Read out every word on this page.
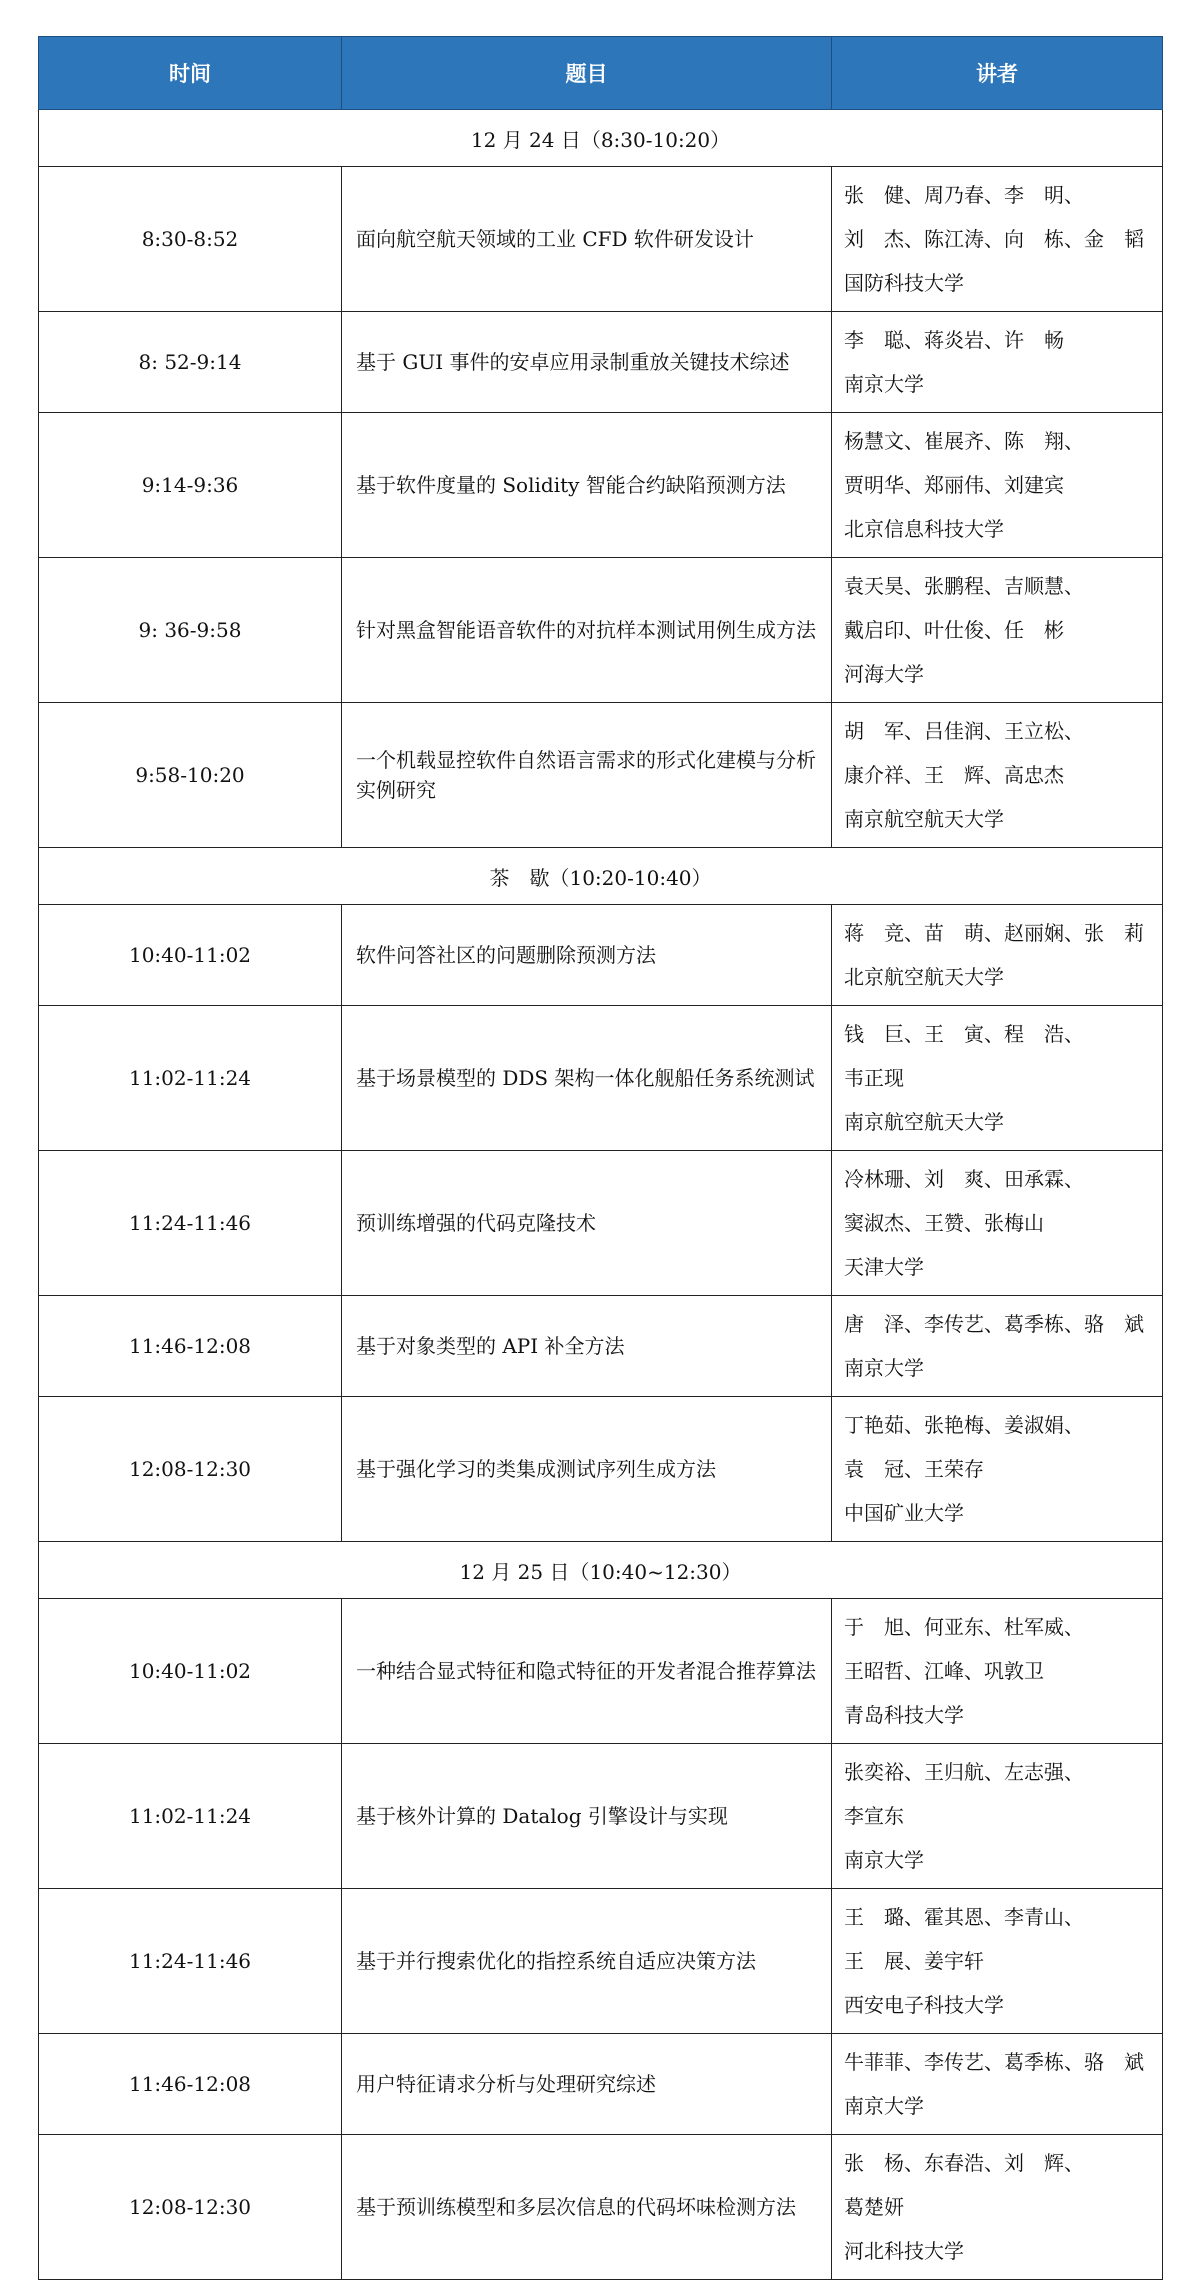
时间	题目	讲者
12 月 24 日（8:30-10:20）		
8:30-8:52	面向航空航天领域的工业 CFD 软件研发设计	张　健、周乃春、李　明、
刘　杰、陈江涛、向　栋、金　韬
国防科技大学

8: 52-9:14	基于 GUI 事件的安卓应用录制重放关键技术综述	李　聪、蒋炎岩、许　畅
南京大学

9:14-9:36	基于软件度量的 Solidity 智能合约缺陷预测方法	杨慧文、崔展齐、陈　翔、
贾明华、郑丽伟、刘建宾
北京信息科技大学

9: 36-9:58	针对黑盒智能语音软件的对抗样本测试用例生成方法	袁天昊、张鹏程、吉顺慧、
戴启印、叶仕俊、任　彬
河海大学

9:58-10:20	一个机载显控软件自然语言需求的形式化建模与分析实例研究	胡　军、吕佳润、王立松、
康介祥、王　辉、高忠杰
南京航空航天大学

茶　歇（10:20-10:40）		
10:40-11:02	软件问答社区的问题删除预测方法	蒋　竞、苗　萌、赵丽娴、张　莉
北京航空航天大学

11:02-11:24	基于场景模型的 DDS 架构一体化舰船任务系统测试	钱　巨、王　寅、程　浩、
韦正现
南京航空航天大学

11:24-11:46	预训练增强的代码克隆技术	冷林珊、刘　爽、田承霖、
窦淑杰、王赞、张梅山
天津大学

11:46-12:08	基于对象类型的 API 补全方法	唐　泽、李传艺、葛季栋、骆　斌
南京大学

12:08-12:30	基于强化学习的类集成测试序列生成方法	丁艳茹、张艳梅、姜淑娟、
袁　冠、王荣存
中国矿业大学

12 月 25 日（10:40~12:30）		
10:40-11:02	一种结合显式特征和隐式特征的开发者混合推荐算法	于　旭、何亚东、杜军威、
王昭哲、江峰、巩敦卫
青岛科技大学

11:02-11:24	基于核外计算的 Datalog 引擎设计与实现	张奕裕、王归航、左志强、
李宣东
南京大学

11:24-11:46	基于并行搜索优化的指控系统自适应决策方法	王　璐、霍其恩、李青山、
王　展、姜宇轩
西安电子科技大学

11:46-12:08	用户特征请求分析与处理研究综述	牛菲菲、李传艺、葛季栋、骆　斌
南京大学

12:08-12:30	基于预训练模型和多层次信息的代码坏味检测方法	张　杨、东春浩、刘　辉、
葛楚妍
河北科技大学
